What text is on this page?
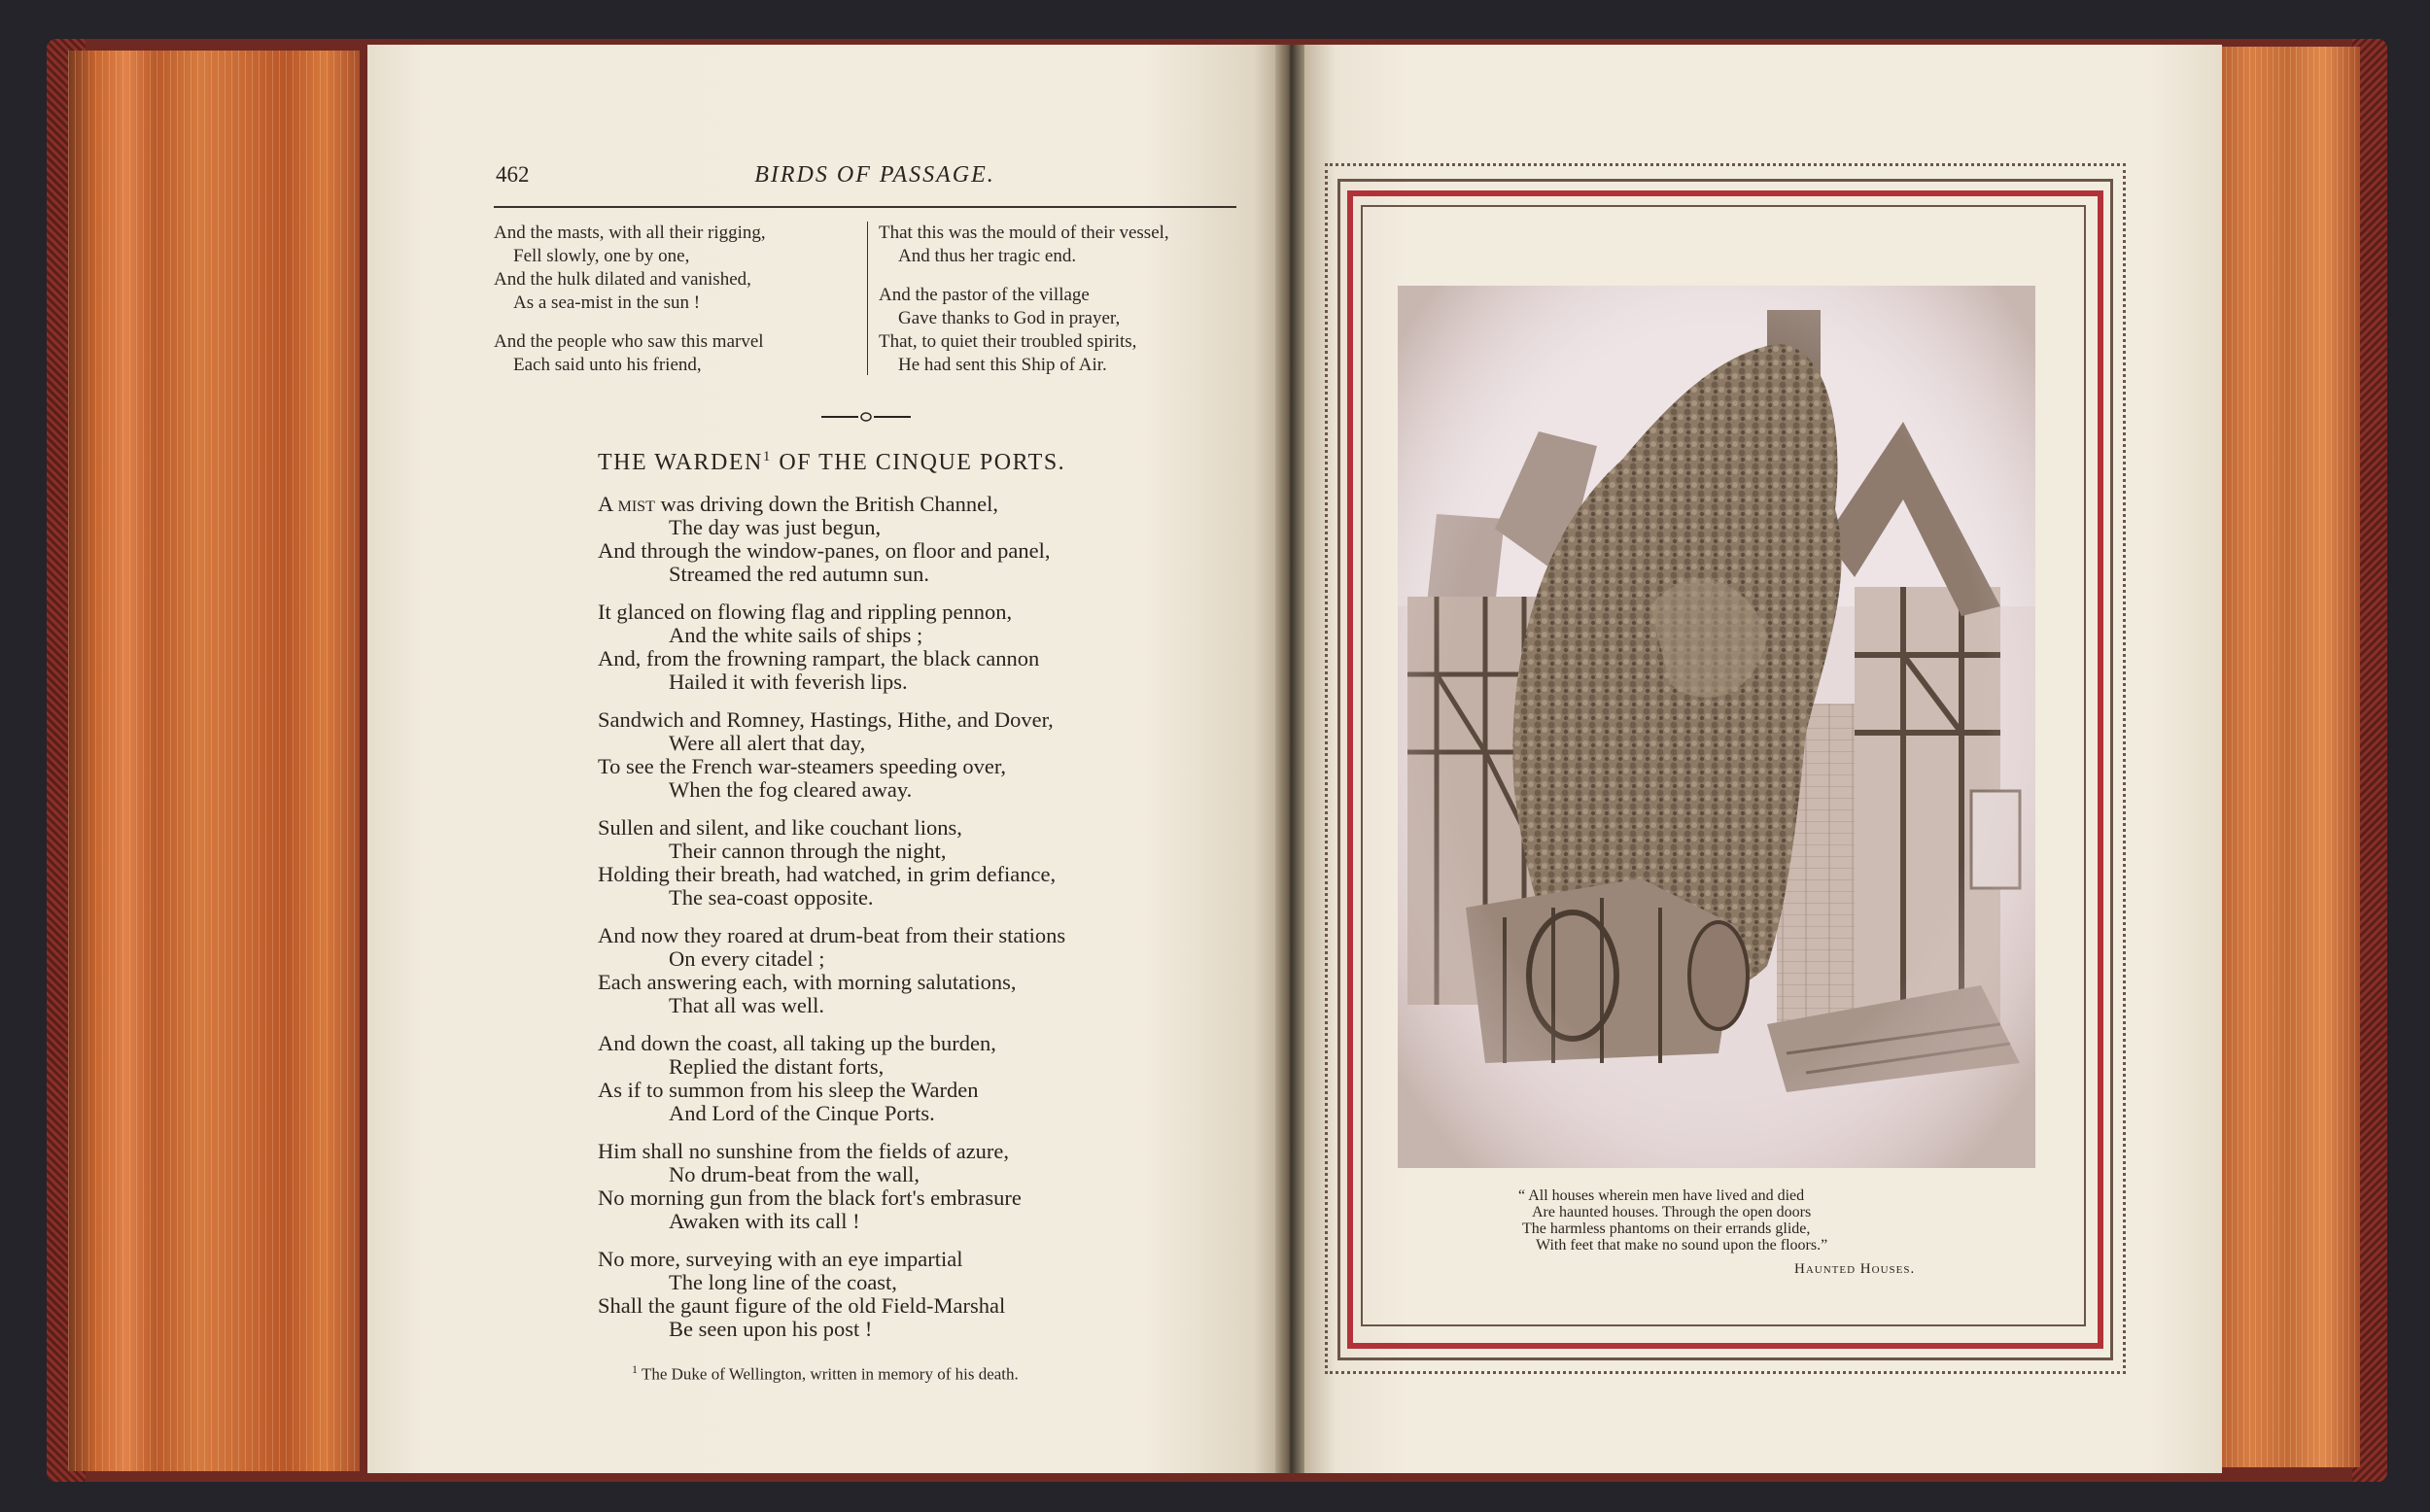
462	BIRDS OF PASSAGE.
And the masts, with all their rigging,
Fell slowly, one by one,
And the hulk dilated and vanished,
As a sea-mist in the sun !
And the people who saw this marvel
Each said unto his friend,
That this was the mould of their vessel,
And thus her tragic end.
And the pastor of the village
Gave thanks to God in prayer,
That, to quiet their troubled spirits,
He had sent this Ship of Air.
THE WARDEN$^1$ OF THE CINQUE PORTS.
A mist was driving down the British Channel,
The day was just begun,
And through the window-panes, on floor and panel,
Streamed the red autumn sun.
It glanced on flowing flag and rippling pennon,
And the white sails of ships ;
And, from the frowning rampart, the black cannon
Hailed it with feverish lips.
Sandwich and Romney, Hastings, Hithe, and Dover,
Were all alert that day,
To see the French war-steamers speeding over,
When the fog cleared away.
Sullen and silent, and like couchant lions,
Their cannon through the night,
Holding their breath, had watched, in grim defiance,
The sea-coast opposite.
And now they roared at drum-beat from their stations
On every citadel ;
Each answering each, with morning salutations,
That all was well.
And down the coast, all taking up the burden,
Replied the distant forts,
As if to summon from his sleep the Warden
And Lord of the Cinque Ports.
Him shall no sunshine from the fields of azure,
No drum-beat from the wall,
No morning gun from the black fort's embrasure
Awaken with its call !
No more, surveying with an eye impartial
The long line of the coast,
Shall the gaunt figure of the old Field-Marshal
Be seen upon his post !
$^1$ The Duke of Wellington, written in memory of his death.
“ All houses wherein men have lived and died
Are haunted houses. Through the open doors
The harmless phantoms on their errands glide,
With feet that make no sound upon the floors.”
Haunted Houses.
